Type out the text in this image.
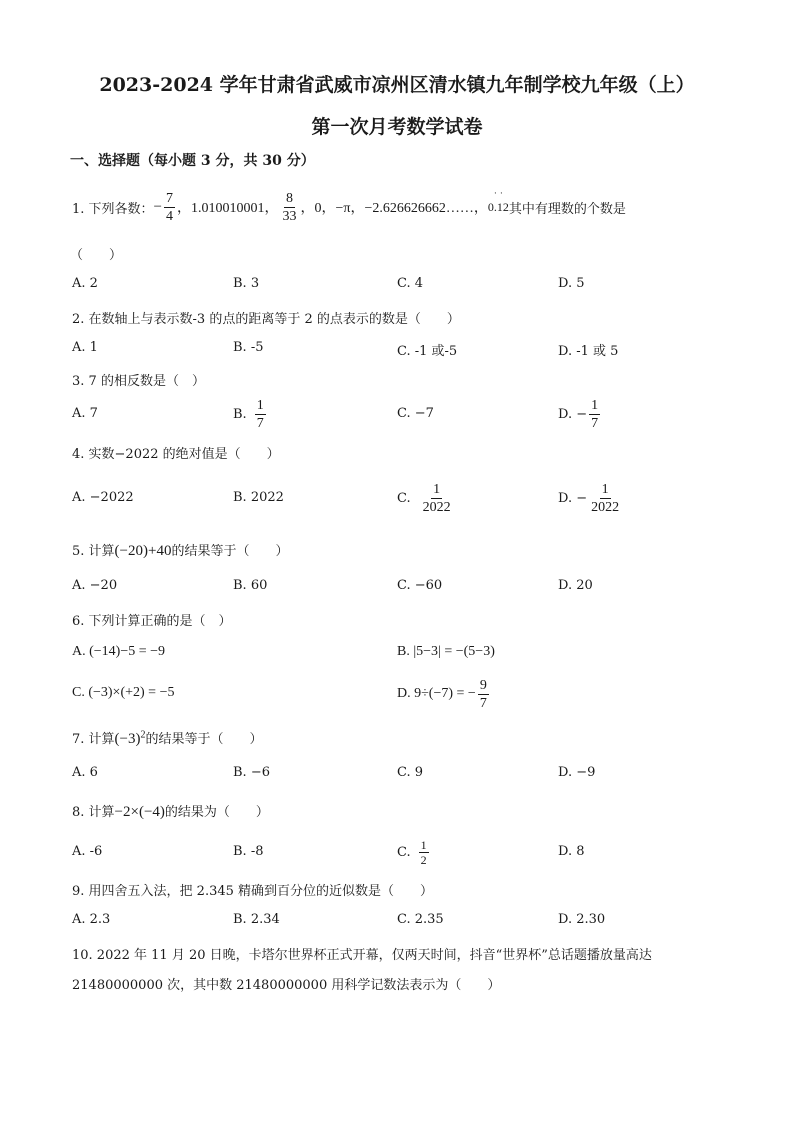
2023-2024 学年甘肃省武威市凉州区清水镇九年制学校九年级（上）
第一次月考数学试卷
一、选择题（每小题 3 分，共 30 分）
1. 下列各数： − $\frac{7}{4}$ ，1.010010001， $\frac{8}{33}$ ，0，−π，−2.626626662……，
··
0.12 其中有理数的个数是
（　　）
A. 2	B. 3	C. 4	D. 5
2. 在数轴上与表示数-3 的点的距离等于 2 的点表示的数是（　　）
A. 1	B. -5	C. -1 或-5	D. -1 或 5
3. 7 的相反数是（　）
A. 7	B. $\frac{1}{7}$	C. −7	D. − $\frac{1}{7}$
4. 实数−2022 的绝对值是（　　）
A. −2022	B. 2022	C. $\frac{1}{2022}$	D. − $\frac{1}{2022}$
5. 计算(−20)+40的结果等于（　　）
A. −20	B. 60	C. −60	D. 20
6. 下列计算正确的是（　）
A. (−14)−5 = −9	B. |5−3| = −(5−3)
C. (−3)×(+2) = −5	D. 9÷(−7) = − $\frac{9}{7}$
7. 计算$(-3)^2$的结果等于（　　）
A. 6	B. −6	C. 9	D. −9
8. 计算−2×(−4)的结果为（　　）
A. -6	B. -8	C. $\frac{1}{2}$	D. 8
9. 用四舍五入法，把 2.345 精确到百分位的近似数是（　　）
A. 2.3	B. 2.34	C. 2.35	D. 2.30
10. 2022 年 11 月 20 日晚，卡塔尔世界杯正式开幕，仅两天时间，抖音“世界杯”总话题播放量高达
21480000000 次，其中数 21480000000 用科学记数法表示为（　　）
